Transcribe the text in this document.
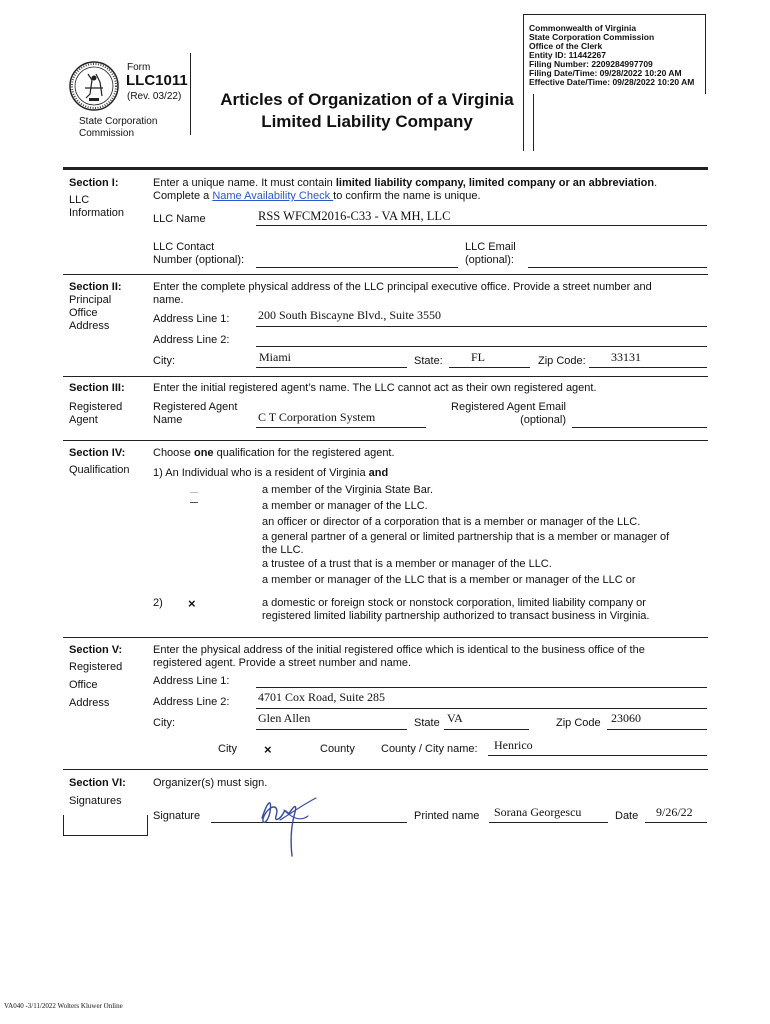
Commonwealth of Virginia
State Corporation Commission
Office of the Clerk
Entity ID: 11442267
Filing Number: 2209284997709
Filing Date/Time: 09/28/2022 10:20 AM
Effective Date/Time: 09/28/2022 10:20 AM
Form
LLC1011
(Rev. 03/22)
State Corporation
Commission
Articles of Organization of a Virginia
Limited Liability Company
Section I:
LLC
Information
Enter a unique name. It must contain limited liability company, limited company or an abbreviation.
Complete a Name Availability Check to confirm the name is unique.
LLC Name	RSS WFCM2016-C33 - VA MH, LLC
LLC Contact
Number (optional):
LLC Email
(optional):
Section II:
Principal
Office
Address
Enter the complete physical address of the LLC principal executive office. Provide a street number and
name.
Address Line 1: 200 South Biscayne Blvd., Suite 3550
Address Line 2:
City:	Miami	State: FL	Zip Code: 33131
Section III:
Registered
Agent
Enter the initial registered agent’s name. The LLC cannot act as their own registered agent.
Registered Agent
Name	C T Corporation System
Registered Agent Email
(optional)
Section IV:
Qualification
Choose one qualification for the registered agent.
1) An Individual who is a resident of Virginia and
a member of the Virginia State Bar.
a member or manager of the LLC.
an officer or director of a corporation that is a member or manager of the LLC.
a general partner of a general or limited partnership that is a member or manager of
the LLC.
a trustee of a trust that is a member or manager of the LLC.
a member or manager of the LLC that is a member or manager of the LLC or
2) ×	a domestic or foreign stock or nonstock corporation, limited liability company or
registered limited liability partnership authorized to transact business in Virginia.
Section V:
Registered
Office
Address
Enter the physical address of the initial registered office which is identical to the business office of the
registered agent. Provide a street number and name.
Address Line 1:
Address Line 2: 4701 Cox Road, Suite 285
City:	Glen Allen	State VA	Zip Code 23060
City ×	County County / City name: Henrico
Section VI:
Signatures
Organizer(s) must sign.
Signature	Printed name Sorana Georgescu	Date 9/26/22
VA040 -3/11/2022 Wolters Kluwer Online
